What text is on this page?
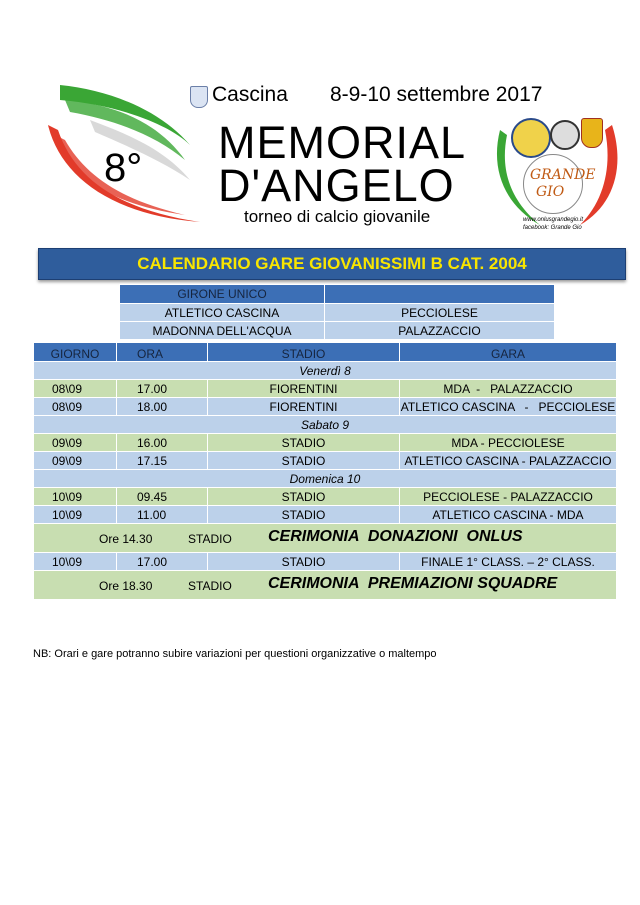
Cascina 8-9-10 settembre 2017
8° MEMORIAL
D'ANGELO
torneo di calcio giovanile
GRANDE
GIO
www.onlusgrandegio.it
facebook: Grande Gio
CALENDARIO GARE GIOVANISSIMI B CAT. 2004
GIRONE UNICO	
ATLETICO CASCINA	PECCIOLESE
MADONNA DELL'ACQUA	PALAZZACCIO
GIORNO	ORA	STADIO	GARA
Venerdì 8			
08\09	17.00	FIORENTINI	MDA  -   PALAZZACCIO
08\09	18.00	FIORENTINI	ATLETICO CASCINA   -   PECCIOLESE
Sabato 9			
09\09	16.00	STADIO	MDA - PECCIOLESE
09\09	17.15	STADIO	ATLETICO CASCINA - PALAZZACCIO
Domenica 10			
10\09	09.45	STADIO	PECCIOLESE - PALAZZACCIO
10\09	11.00	STADIO	ATLETICO CASCINA - MDA

Ore 14.30 STADIO CERIMONIA  DONAZIONI  ONLUS			

10\09	17.00	STADIO	FINALE 1° CLASS. – 2° CLASS.

Ore 18.30 STADIO CERIMONIA  PREMIAZIONI SQUADRE			
NB: Orari e gare potranno subire variazioni per questioni organizzative o maltempo
